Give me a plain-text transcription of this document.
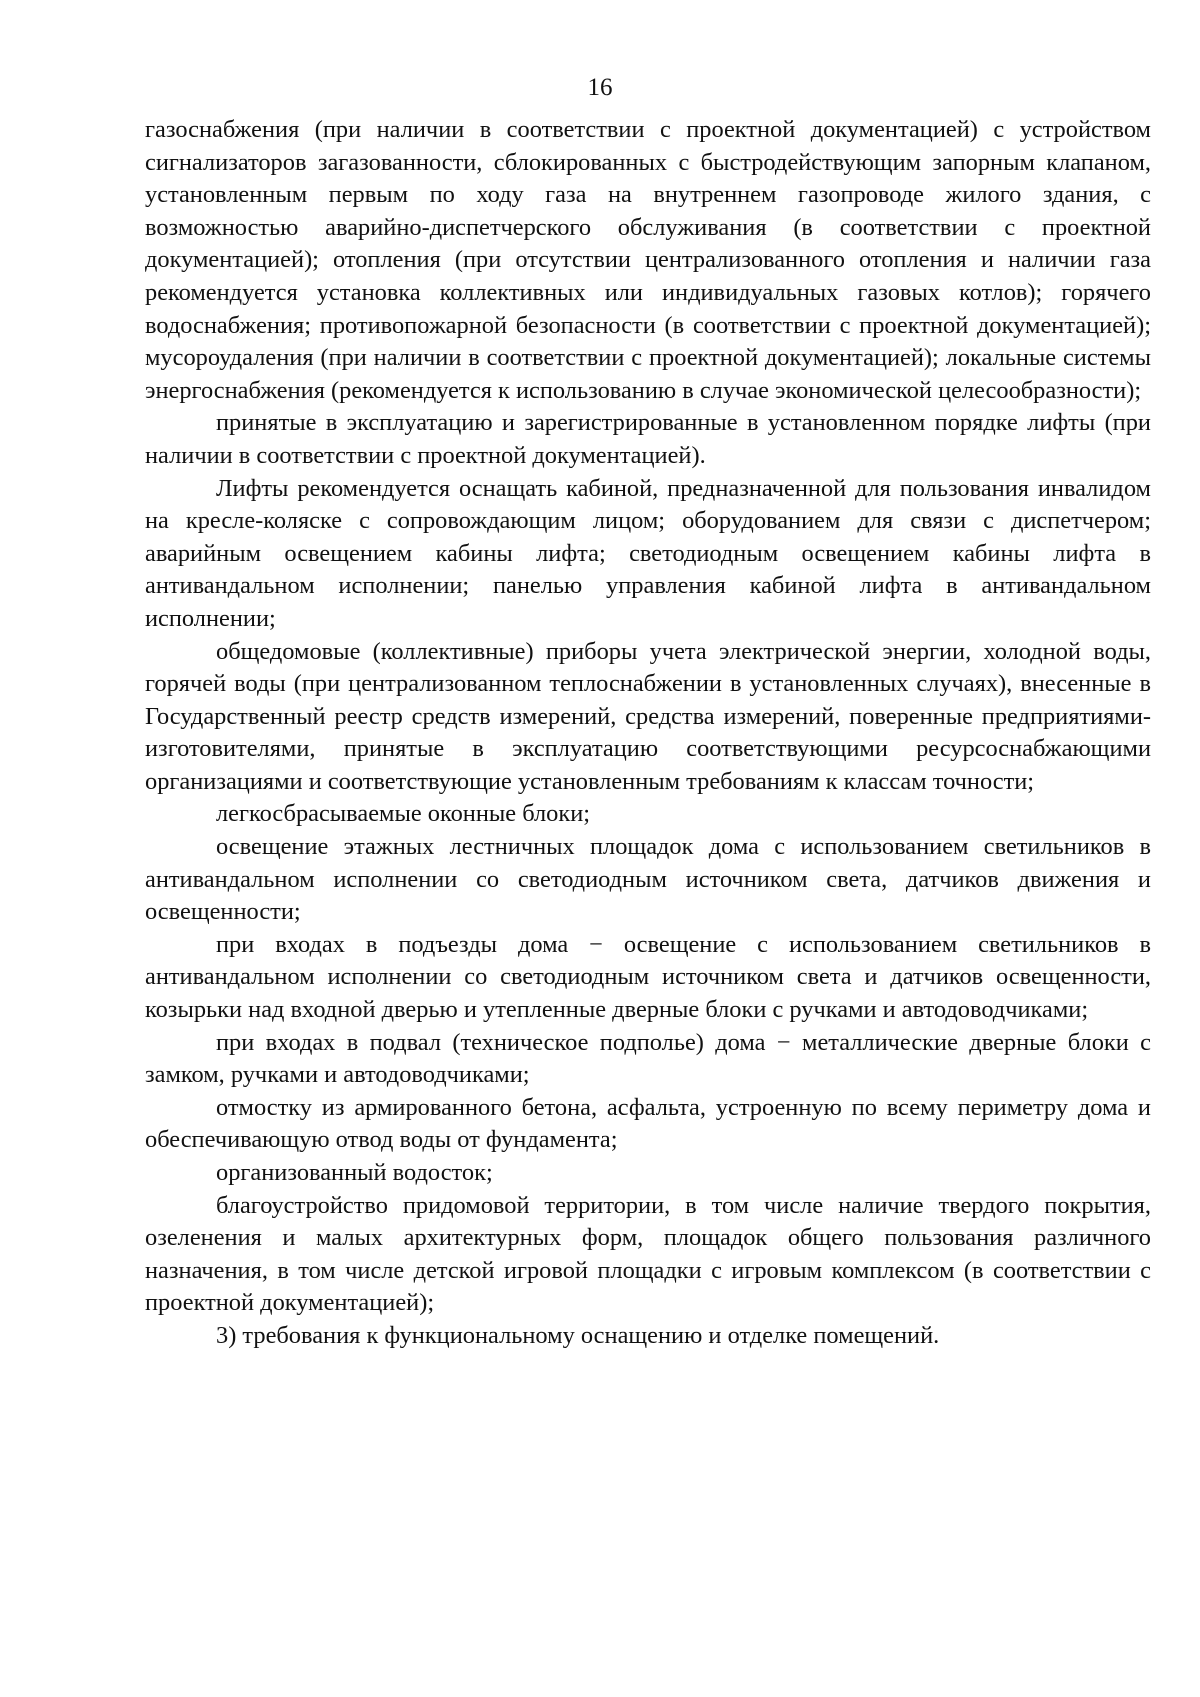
16

газоснабжения (при наличии в соответствии с проектной документацией) с устройством сигнализаторов загазованности, сблокированных с быстродействующим запорным клапаном, установленным первым по ходу газа на внутреннем газопроводе жилого здания, с возможностью аварийно-диспетчерского обслуживания (в соответствии с проектной документацией); отопления (при отсутствии централизованного отопления и наличии газа рекомендуется установка коллективных или индивидуальных газовых котлов); горячего водоснабжения; противопожарной безопасности (в соответствии с проектной документацией); мусороудаления (при наличии в соответствии с проектной документацией); локальные системы энергоснабжения (рекомендуется к использованию в случае экономической целесообразности);

принятые в эксплуатацию и зарегистрированные в установленном порядке лифты (при наличии в соответствии с проектной документацией).

Лифты рекомендуется оснащать кабиной, предназначенной для пользования инвалидом на кресле-коляске с сопровождающим лицом; оборудованием для связи с диспетчером; аварийным освещением кабины лифта; светодиодным освещением кабины лифта в антивандальном исполнении; панелью управления кабиной лифта в антивандальном исполнении;

общедомовые (коллективные) приборы учета электрической энергии, холодной воды, горячей воды (при централизованном теплоснабжении в установленных случаях), внесенные в Государственный реестр средств измерений, средства измерений, поверенные предприятиями-изготовителями, принятые в эксплуатацию соответствующими ресурсоснабжающими организациями и соответствующие установленным требованиям к классам точности;

легкосбрасываемые оконные блоки;

освещение этажных лестничных площадок дома с использованием светильников в антивандальном исполнении со светодиодным источником света, датчиков движения и освещенности;

при входах в подъезды дома − освещение с использованием светильников в антивандальном исполнении со светодиодным источником света и датчиков освещенности, козырьки над входной дверью и утепленные дверные блоки с ручками и автодоводчиками;

при входах в подвал (техническое подполье) дома − металлические дверные блоки с замком, ручками и автодоводчиками;

отмостку из армированного бетона, асфальта, устроенную по всему периметру дома и обеспечивающую отвод воды от фундамента;

организованный водосток;

благоустройство придомовой территории, в том числе наличие твердого покрытия, озеленения и малых архитектурных форм, площадок общего пользования различного назначения, в том числе детской игровой площадки с игровым комплексом (в соответствии с проектной документацией);

3) требования к функциональному оснащению и отделке помещений.
